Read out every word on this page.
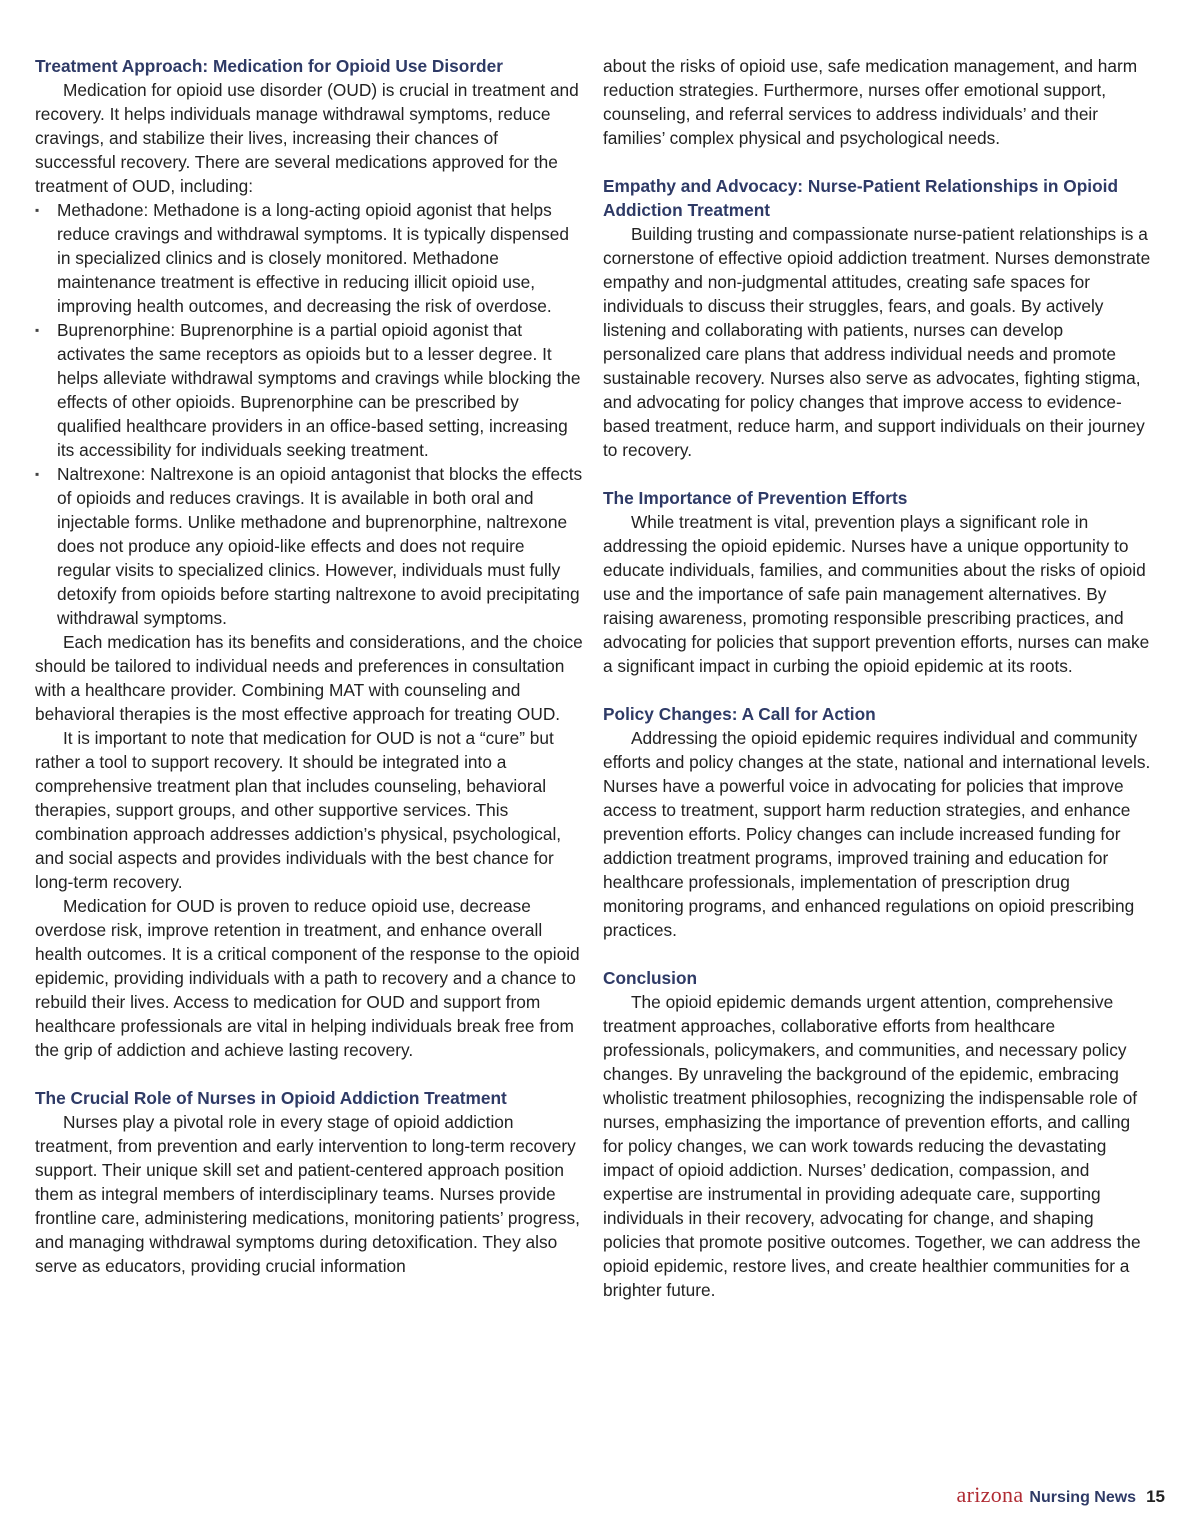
Treatment Approach: Medication for Opioid Use Disorder

Medication for opioid use disorder (OUD) is crucial in treatment and recovery. It helps individuals manage withdrawal symptoms, reduce cravings, and stabilize their lives, increasing their chances of successful recovery. There are several medications approved for the treatment of OUD, including:

▪ Methadone: Methadone is a long-acting opioid agonist that helps reduce cravings and withdrawal symptoms. It is typically dispensed in specialized clinics and is closely monitored. Methadone maintenance treatment is effective in reducing illicit opioid use, improving health outcomes, and decreasing the risk of overdose.
▪ Buprenorphine: Buprenorphine is a partial opioid agonist that activates the same receptors as opioids but to a lesser degree. It helps alleviate withdrawal symptoms and cravings while blocking the effects of other opioids. Buprenorphine can be prescribed by qualified healthcare providers in an office-based setting, increasing its accessibility for individuals seeking treatment.
▪ Naltrexone: Naltrexone is an opioid antagonist that blocks the effects of opioids and reduces cravings. It is available in both oral and injectable forms. Unlike methadone and buprenorphine, naltrexone does not produce any opioid-like effects and does not require regular visits to specialized clinics. However, individuals must fully detoxify from opioids before starting naltrexone to avoid precipitating withdrawal symptoms.

Each medication has its benefits and considerations, and the choice should be tailored to individual needs and preferences in consultation with a healthcare provider. Combining MAT with counseling and behavioral therapies is the most effective approach for treating OUD.

It is important to note that medication for OUD is not a “cure” but rather a tool to support recovery. It should be integrated into a comprehensive treatment plan that includes counseling, behavioral therapies, support groups, and other supportive services. This combination approach addresses addiction’s physical, psychological, and social aspects and provides individuals with the best chance for long-term recovery.

Medication for OUD is proven to reduce opioid use, decrease overdose risk, improve retention in treatment, and enhance overall health outcomes. It is a critical component of the response to the opioid epidemic, providing individuals with a path to recovery and a chance to rebuild their lives. Access to medication for OUD and support from healthcare professionals are vital in helping individuals break free from the grip of addiction and achieve lasting recovery.

The Crucial Role of Nurses in Opioid Addiction Treatment

Nurses play a pivotal role in every stage of opioid addiction treatment, from prevention and early intervention to long-term recovery support. Their unique skill set and patient-centered approach position them as integral members of interdisciplinary teams. Nurses provide frontline care, administering medications, monitoring patients’ progress, and managing withdrawal symptoms during detoxification. They also serve as educators, providing crucial information

about the risks of opioid use, safe medication management, and harm reduction strategies. Furthermore, nurses offer emotional support, counseling, and referral services to address individuals’ and their families’ complex physical and psychological needs.

Empathy and Advocacy: Nurse-Patient Relationships in Opioid Addiction Treatment

Building trusting and compassionate nurse-patient relationships is a cornerstone of effective opioid addiction treatment. Nurses demonstrate empathy and non-judgmental attitudes, creating safe spaces for individuals to discuss their struggles, fears, and goals. By actively listening and collaborating with patients, nurses can develop personalized care plans that address individual needs and promote sustainable recovery. Nurses also serve as advocates, fighting stigma, and advocating for policy changes that improve access to evidence-based treatment, reduce harm, and support individuals on their journey to recovery.

The Importance of Prevention Efforts

While treatment is vital, prevention plays a significant role in addressing the opioid epidemic. Nurses have a unique opportunity to educate individuals, families, and communities about the risks of opioid use and the importance of safe pain management alternatives. By raising awareness, promoting responsible prescribing practices, and advocating for policies that support prevention efforts, nurses can make a significant impact in curbing the opioid epidemic at its roots.

Policy Changes: A Call for Action

Addressing the opioid epidemic requires individual and community efforts and policy changes at the state, national and international levels. Nurses have a powerful voice in advocating for policies that improve access to treatment, support harm reduction strategies, and enhance prevention efforts. Policy changes can include increased funding for addiction treatment programs, improved training and education for healthcare professionals, implementation of prescription drug monitoring programs, and enhanced regulations on opioid prescribing practices.

Conclusion

The opioid epidemic demands urgent attention, comprehensive treatment approaches, collaborative efforts from healthcare professionals, policymakers, and communities, and necessary policy changes. By unraveling the background of the epidemic, embracing wholistic treatment philosophies, recognizing the indispensable role of nurses, emphasizing the importance of prevention efforts, and calling for policy changes, we can work towards reducing the devastating impact of opioid addiction. Nurses’ dedication, compassion, and expertise are instrumental in providing adequate care, supporting individuals in their recovery, advocating for change, and shaping policies that promote positive outcomes. Together, we can address the opioid epidemic, restore lives, and create healthier communities for a brighter future.

arizona Nursing News 15
